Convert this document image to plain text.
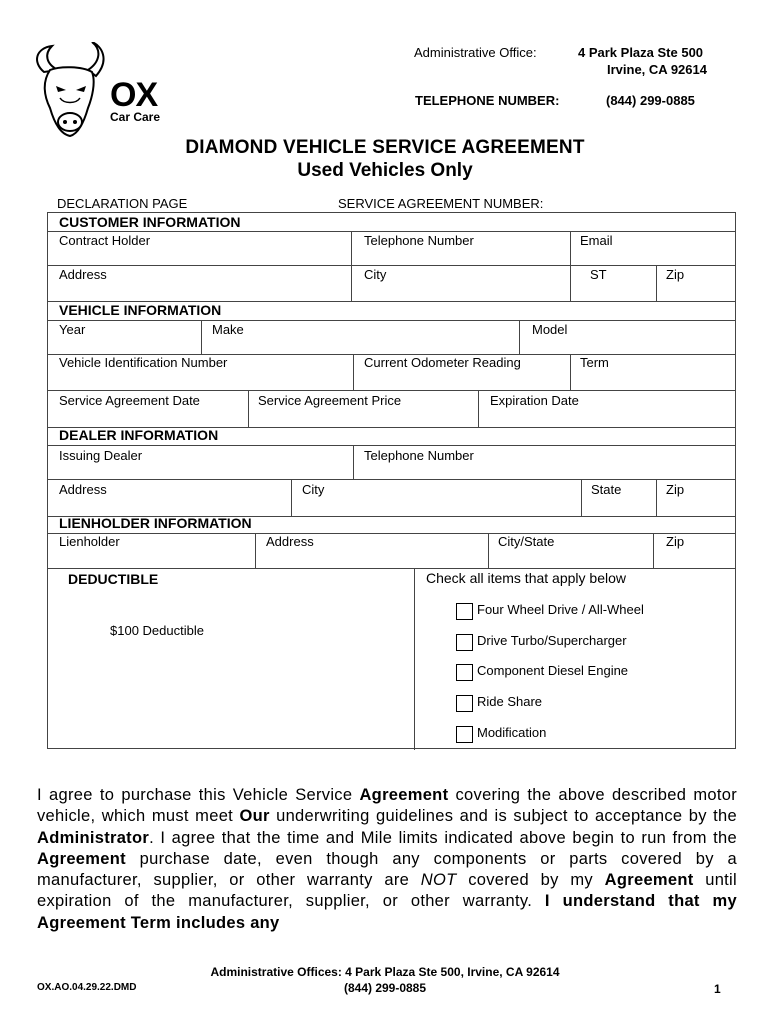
OX
Car Care
Administrative Office:	4 Park Plaza Ste 500
Irvine, CA 92614
TELEPHONE NUMBER:	(844) 299-0885
DIAMOND VEHICLE SERVICE AGREEMENT
Used Vehicles Only
DECLARATION PAGE	SERVICE AGREEMENT NUMBER:
CUSTOMER INFORMATION
Contract Holder	Telephone Number	Email
Address	City	ST	Zip
VEHICLE INFORMATION
Year	Make	Model
Vehicle Identification Number	Current Odometer Reading	Term
Service Agreement Date	Service Agreement Price	Expiration Date
DEALER INFORMATION
Issuing Dealer	Telephone Number
Address	City	State	Zip
LIENHOLDER INFORMATION
Lienholder	Address	City/State	Zip
DEDUCTIBLE
$100 Deductible
Check all items that apply below
Four Wheel Drive / All-Wheel
Drive Turbo/Supercharger
Component Diesel Engine
Ride Share
Modification
I agree to purchase this Vehicle Service Agreement covering the above described motor vehicle, which must meet Our underwriting guidelines and is subject to acceptance by the Administrator. I agree that the time and Mile limits indicated above begin to run from the Agreement purchase date, even though any components or parts covered by a manufacturer, supplier, or other warranty are NOT covered by my Agreement until expiration of the manufacturer, supplier, or other warranty. I understand that my Agreement Term includes any
Administrative Offices: 4 Park Plaza Ste 500, Irvine, CA 92614
(844) 299-0885
OX.AO.04.29.22.DMD	1
